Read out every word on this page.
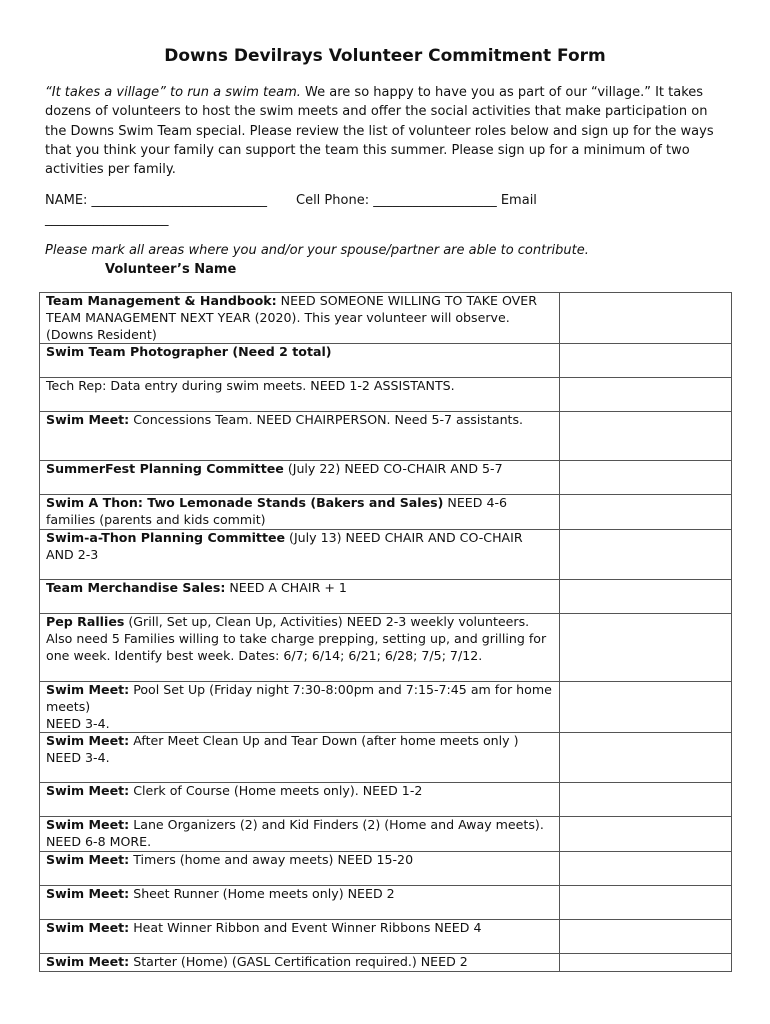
Downs Devilrays Volunteer Commitment Form
“It takes a village” to run a swim team. We are so happy to have you as part of our “village.” It takes dozens of volunteers to host the swim meets and offer the social activities that make participation on the Downs Swim Team special. Please review the list of volunteer roles below and sign up for the ways that you think your family can support the team this summer. Please sign up for a minimum of two activities per family.
NAME: ___________________________ Cell Phone: ___________________ Email
___________________
Please mark all areas where you and/or your spouse/partner are able to contribute.
Volunteer’s Name
Team Management & Handbook: NEED SOMEONE WILLING TO TAKE OVER TEAM MANAGEMENT NEXT YEAR (2020). This year volunteer will observe. (Downs Resident)	
Swim Team Photographer (Need 2 total)	
Tech Rep: Data entry during swim meets. NEED 1-2 ASSISTANTS.	
Swim Meet: Concessions Team. NEED CHAIRPERSON. Need 5-7 assistants.	
SummerFest Planning Committee (July 22) NEED CO-CHAIR AND 5-7	
Swim A Thon: Two Lemonade Stands (Bakers and Sales) NEED 4-6 families (parents and kids commit)	
Swim-a-Thon Planning Committee (July 13) NEED CHAIR AND CO-CHAIR AND 2-3	
Team Merchandise Sales: NEED A CHAIR + 1	
Pep Rallies (Grill, Set up, Clean Up, Activities) NEED 2-3 weekly volunteers. Also need 5 Families willing to take charge prepping, setting up, and grilling for one week. Identify best week. Dates: 6/7; 6/14; 6/21; 6/28; 7/5; 7/12.	
Swim Meet: Pool Set Up (Friday night 7:30-8:00pm and 7:15-7:45 am for home meets)
NEED 3-4.	
Swim Meet: After Meet Clean Up and Tear Down (after home meets only ) NEED 3-4.	
Swim Meet: Clerk of Course (Home meets only). NEED 1-2	
Swim Meet: Lane Organizers (2) and Kid Finders (2) (Home and Away meets). NEED 6-8 MORE.	
Swim Meet: Timers (home and away meets) NEED 15-20	
Swim Meet: Sheet Runner (Home meets only) NEED 2	
Swim Meet: Heat Winner Ribbon and Event Winner Ribbons NEED 4	
Swim Meet: Starter (Home) (GASL Certification required.) NEED 2	
